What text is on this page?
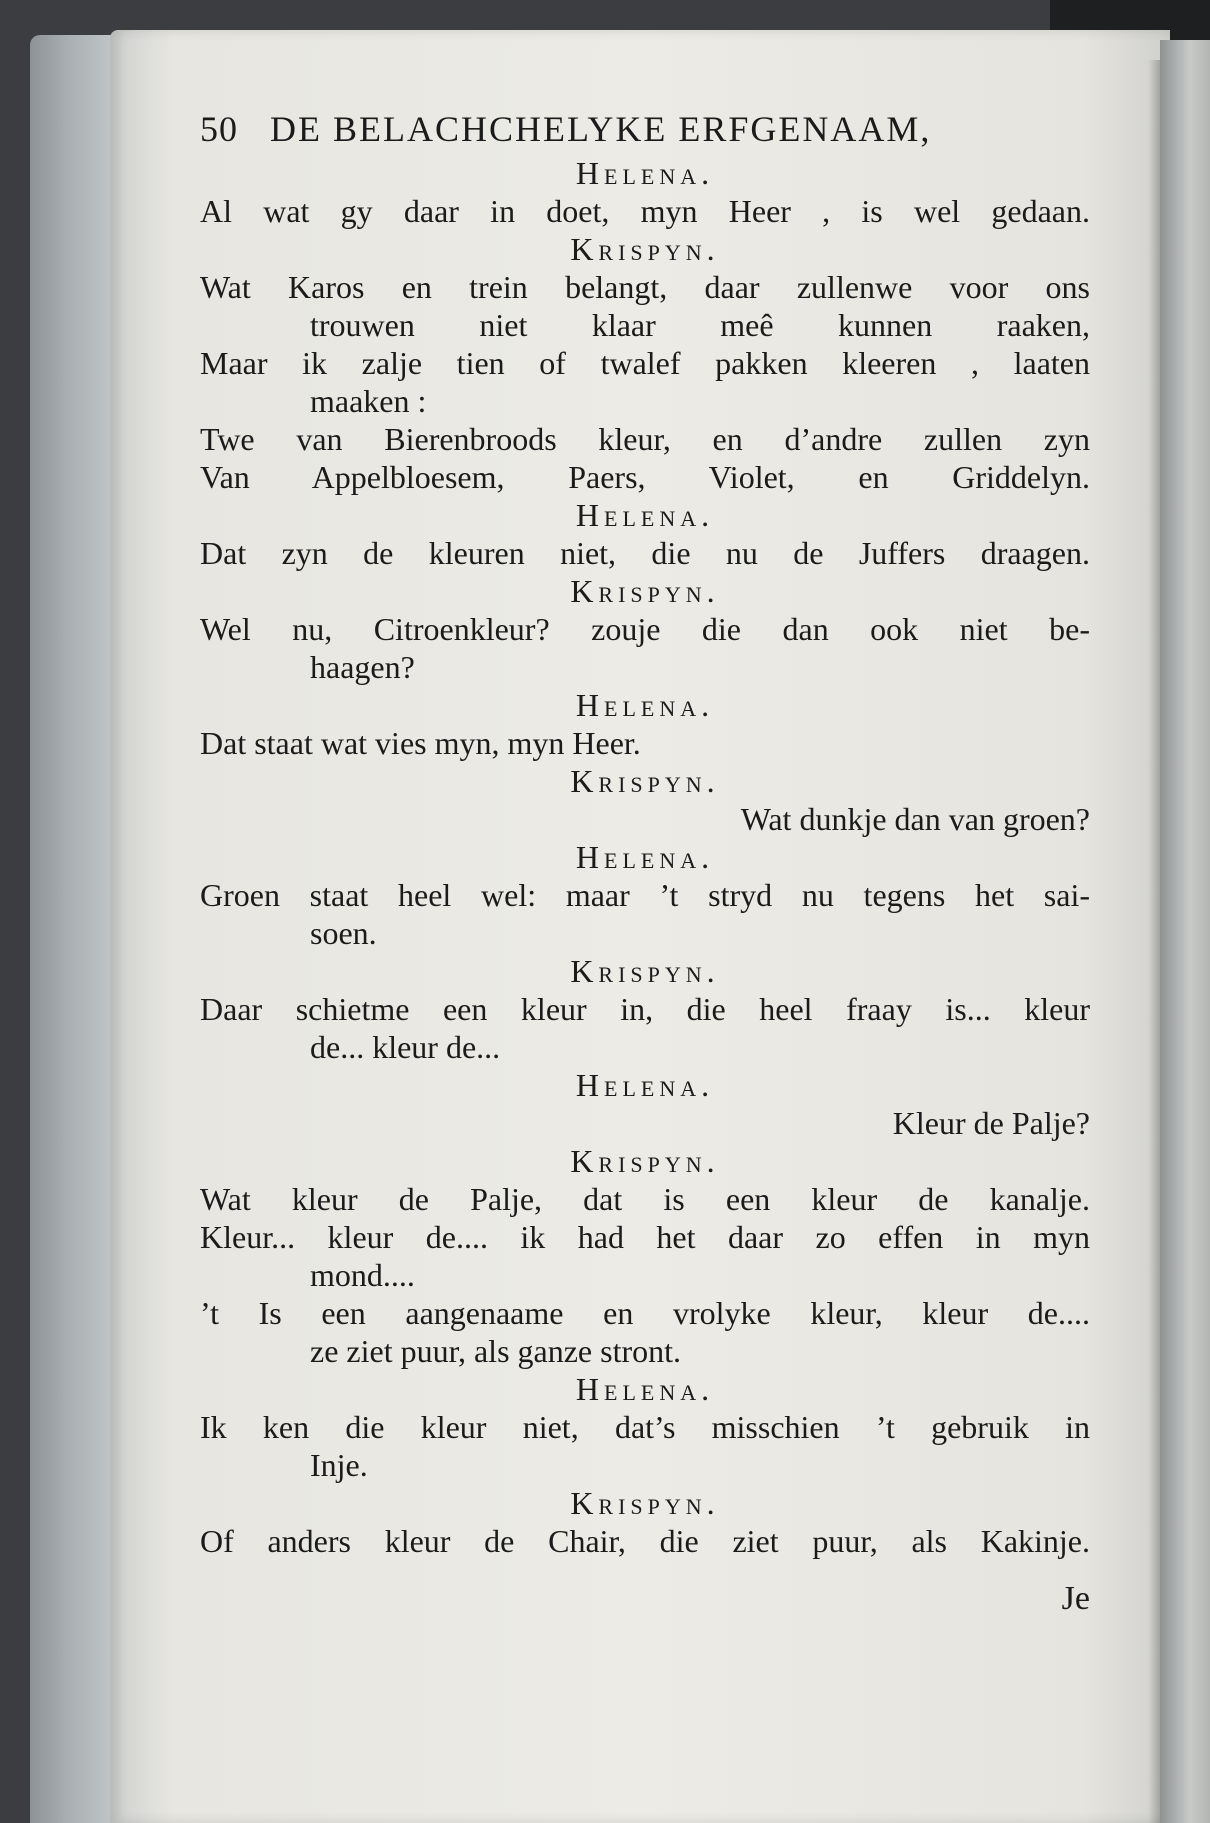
50 DE BELACHCHELYKE ERFGENAAM,
Helena.
Al wat gy daar in doet, myn Heer , is wel gedaan.
Krispyn.
Wat Karos en trein belangt, daar zullenwe voor ons
trouwen niet klaar meê kunnen raaken,
Maar ik zalje tien of twalef pakken kleeren , laaten
maaken :
Twe van Bierenbroods kleur, en d’andre zullen zyn
Van Appelbloesem, Paers, Violet, en Griddelyn.
Helena.
Dat zyn de kleuren niet, die nu de Juffers draagen.
Krispyn.
Wel nu, Citroenkleur? zouje die dan ook niet be-
haagen?
Helena.
Dat staat wat vies myn, myn Heer.
Krispyn.
Wat dunkje dan van groen?
Helena.
Groen staat heel wel: maar ’t stryd nu tegens het sai-
soen.
Krispyn.
Daar schietme een kleur in, die heel fraay is... kleur
de... kleur de...
Helena.
Kleur de Palje?
Krispyn.
Wat kleur de Palje, dat is een kleur de kanalje.
Kleur... kleur de.... ik had het daar zo effen in myn
mond....
’t Is een aangenaame en vrolyke kleur, kleur de....
ze ziet puur, als ganze stront.
Helena.
Ik ken die kleur niet, dat’s misschien ’t gebruik in
Inje.
Krispyn.
Of anders kleur de Chair, die ziet puur, als Kakinje.
Je
